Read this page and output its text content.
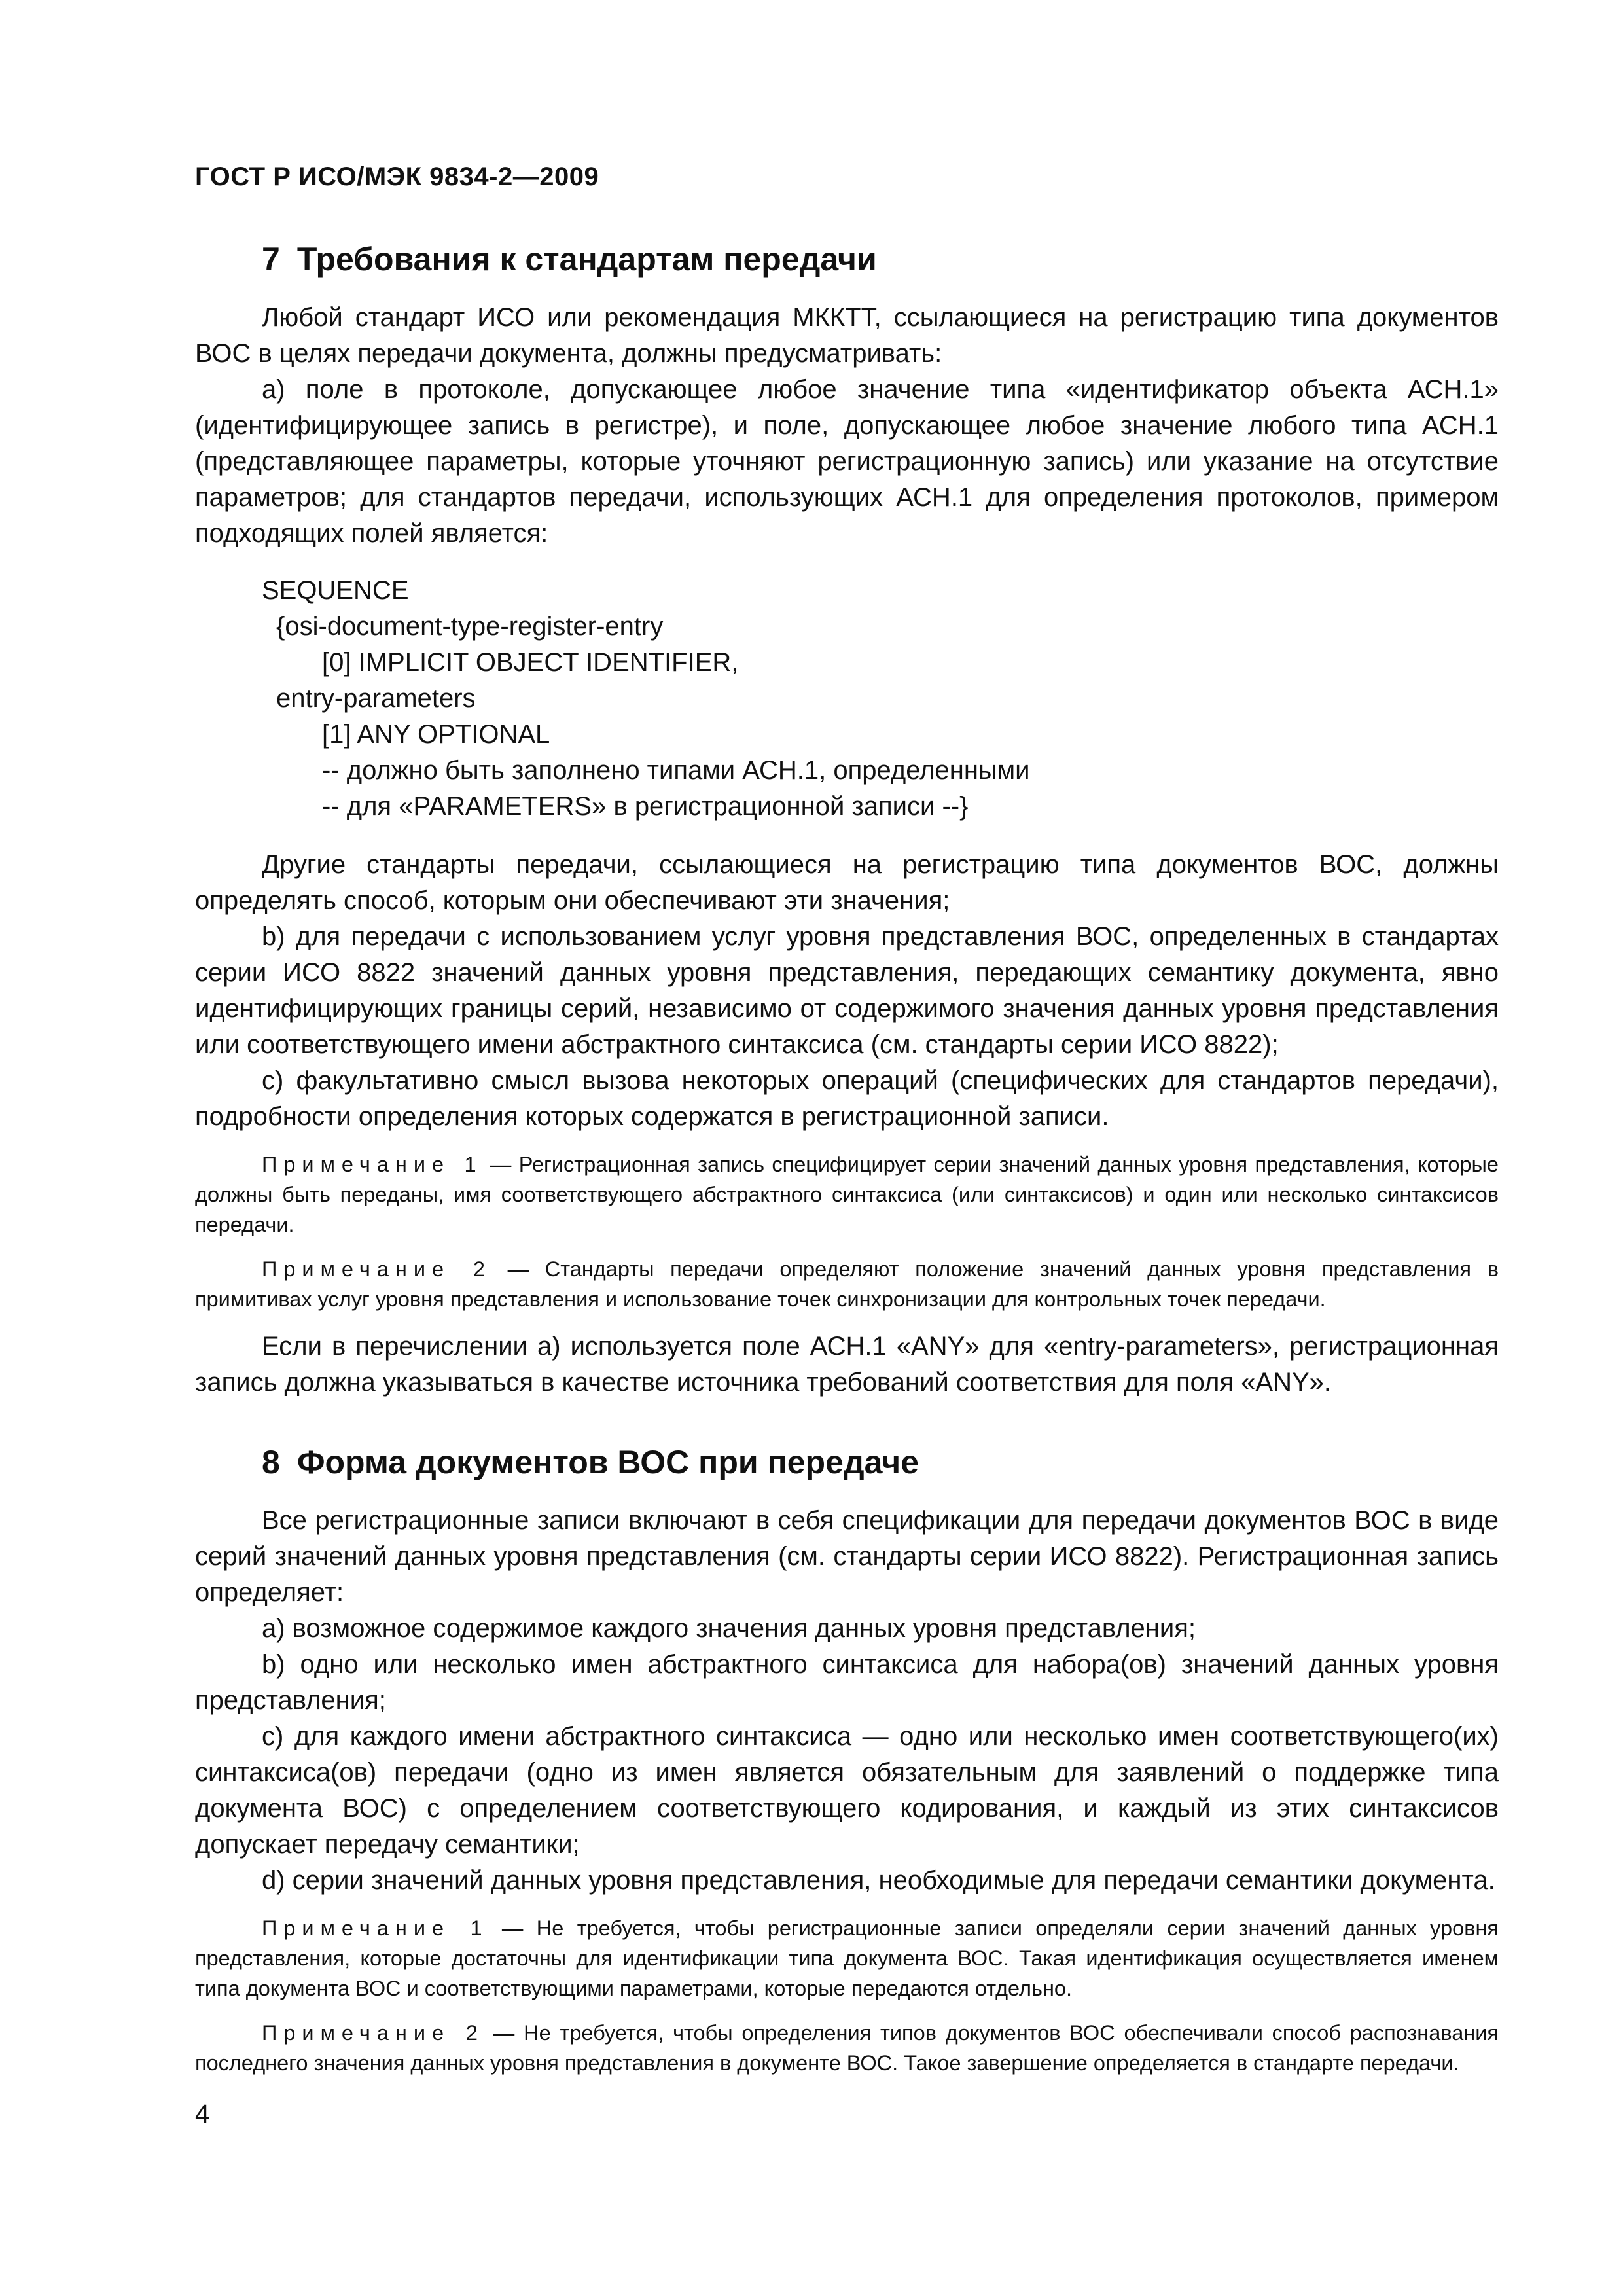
ГОСТ Р ИСО/МЭК 9834-2—2009
7 Требования к стандартам передачи

Любой стандарт ИСО или рекомендация МККТТ, ссылающиеся на регистрацию типа документов ВОС в целях передачи документа, должны предусматривать:

а) поле в протоколе, допускающее любое значение типа «идентификатор объекта АСН.1» (идентифицирующее запись в регистре), и поле, допускающее любое значение любого типа АСН.1 (представляющее параметры, которые уточняют регистрационную запись) или указание на отсутствие параметров; для стандартов передачи, использующих АСН.1 для определения протоколов, примером подходящих полей является:

SEQUENCE
{osi-document-type-register-entry
[0] IMPLICIT OBJECT IDENTIFIER,
entry-parameters
[1] ANY OPTIONAL
-- должно быть заполнено типами АСН.1, определенными
-- для «PARAMETERS» в регистрационной записи --}

Другие стандарты передачи, ссылающиеся на регистрацию типа документов ВОС, должны определять способ, которым они обеспечивают эти значения;

b) для передачи с использованием услуг уровня представления ВОС, определенных в стандартах серии ИСО 8822 значений данных уровня представления, передающих семантику документа, явно идентифицирующих границы серий, независимо от содержимого значения данных уровня представления или соответствующего имени абстрактного синтаксиса (см. стандарты серии ИСО 8822);

c) факультативно смысл вызова некоторых операций (специфических для стандартов передачи), подробности определения которых содержатся в регистрационной записи.

Примечание 1 — Регистрационная запись специфицирует серии значений данных уровня представления, которые должны быть переданы, имя соответствующего абстрактного синтаксиса (или синтаксисов) и один или несколько синтаксисов передачи.
Примечание 2 — Стандарты передачи определяют положение значений данных уровня представления в примитивах услуг уровня представления и использование точек синхронизации для контрольных точек передачи.

Если в перечислении а) используется поле АСН.1 «ANY» для «entry-parameters», регистрационная запись должна указываться в качестве источника требований соответствия для поля «ANY».

8 Форма документов ВОС при передаче

Все регистрационные записи включают в себя спецификации для передачи документов ВОС в виде серий значений данных уровня представления (см. стандарты серии ИСО 8822). Регистрационная запись определяет:

а) возможное содержимое каждого значения данных уровня представления;

b) одно или несколько имен абстрактного синтаксиса для набора(ов) значений данных уровня представления;

c) для каждого имени абстрактного синтаксиса — одно или несколько имен соответствующего(их) синтаксиса(ов) передачи (одно из имен является обязательным для заявлений о поддержке типа документа ВОС) с определением соответствующего кодирования, и каждый из этих синтаксисов допускает передачу семантики;

d) серии значений данных уровня представления, необходимые для передачи семантики документа.

Примечание 1 — Не требуется, чтобы регистрационные записи определяли серии значений данных уровня представления, которые достаточны для идентификации типа документа ВОС. Такая идентификация осуществляется именем типа документа ВОС и соответствующими параметрами, которые передаются отдельно.
Примечание 2 — Не требуется, чтобы определения типов документов ВОС обеспечивали способ распознавания последнего значения данных уровня представления в документе ВОС. Такое завершение определяется в стандарте передачи.
4
